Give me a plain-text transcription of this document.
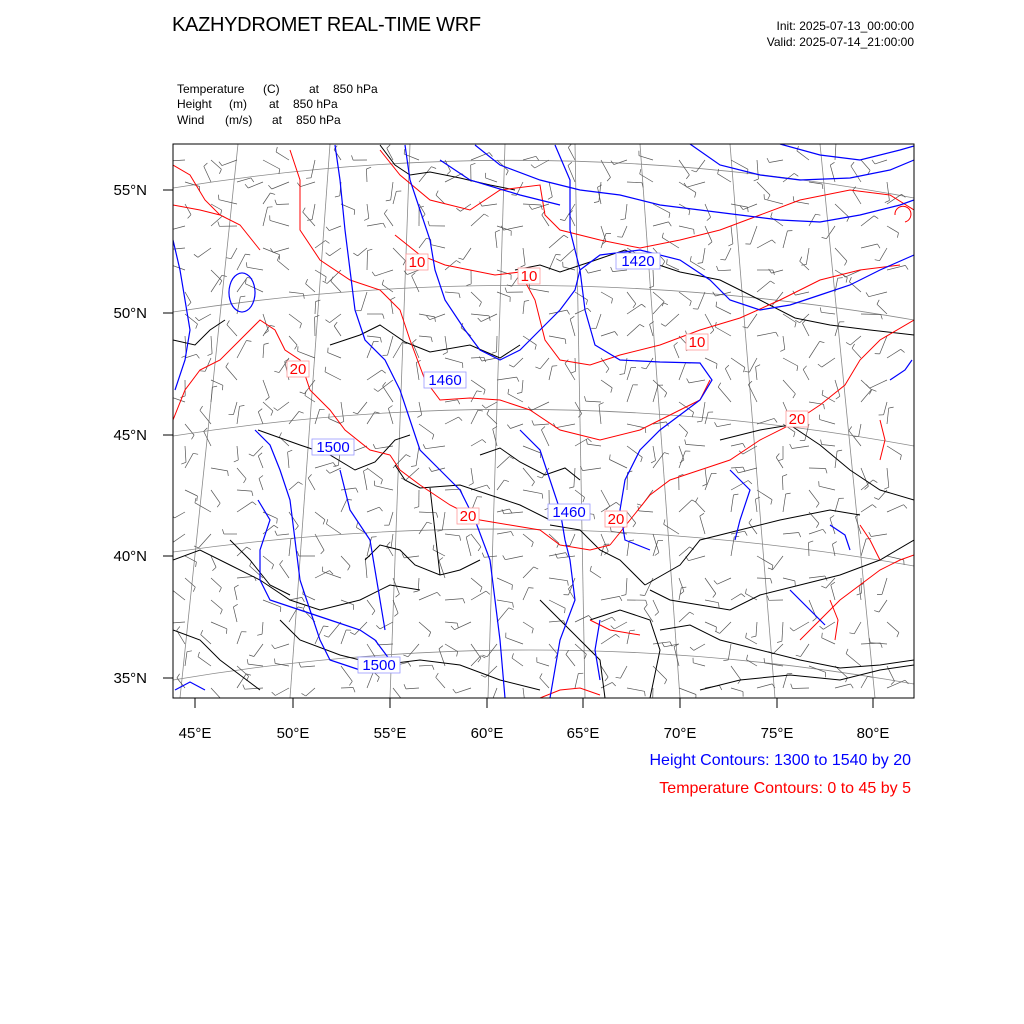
KAZHYDROMET REAL-TIME WRF	Init: 2025-07-13_00:00:00
Valid: 2025-07-14_21:00:00
Temperature (C) at 850 hPa
Height (m) at 850 hPa
Wind (m/s) at 850 hPa
1420
1460
1500
1460
1500
10
10
10
20
20
20	20
55°N
50°N
45°N
40°N
35°N
45°E	50°E	55°E	60°E	65°E	70°E	75°E	80°E
Height Contours: 1300 to 1540 by 20
Temperature Contours: 0 to 45 by 5
